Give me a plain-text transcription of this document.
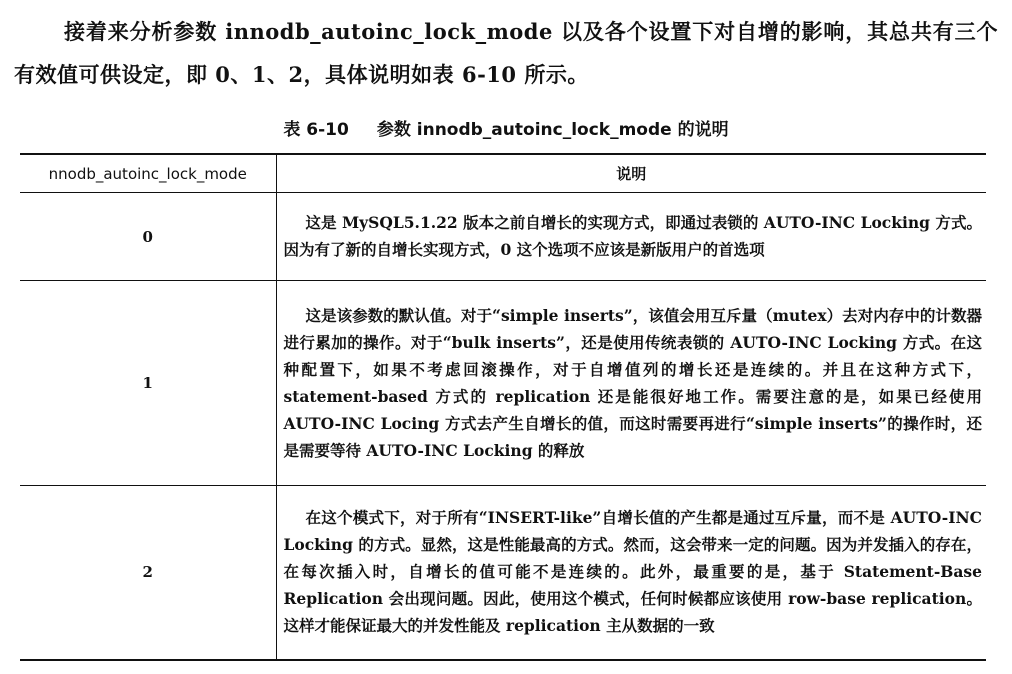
接着来分析参数 innodb_autoinc_lock_mode 以及各个设置下对自增的影响，其总共有三个有效值可供设定，即 0、1、2，具体说明如表 6-10 所示。

表 6-10 参数 innodb_autoinc_lock_mode 的说明
nnodb_autoinc_lock_mode	说明
0	这是 MySQL5.1.22 版本之前自增长的实现方式，即通过表锁的 AUTO-INC Locking 方式。因为有了新的自增长实现方式，0 这个选项不应该是新版用户的首选项
1	这是该参数的默认值。对于“simple inserts”，该值会用互斥量（mutex）去对内存中的计数器进行累加的操作。对于“bulk inserts”，还是使用传统表锁的 AUTO-INC Locking 方式。在这种配置下，如果不考虑回滚操作，对于自增值列的增长还是连续的。并且在这种方式下，statement-based 方式的 replication 还是能很好地工作。需要注意的是，如果已经使用 AUTO-INC Locing 方式去产生自增长的值，而这时需要再进行“simple inserts”的操作时，还是需要等待 AUTO-INC Locking 的释放
2	在这个模式下，对于所有“INSERT-like”自增长值的产生都是通过互斥量，而不是 AUTO-INC Locking 的方式。显然，这是性能最高的方式。然而，这会带来一定的问题。因为并发插入的存在，在每次插入时，自增长的值可能不是连续的。此外，最重要的是，基于 Statement-Base Replication 会出现问题。因此，使用这个模式，任何时候都应该使用 row-base replication。这样才能保证最大的并发性能及 replication 主从数据的一致
